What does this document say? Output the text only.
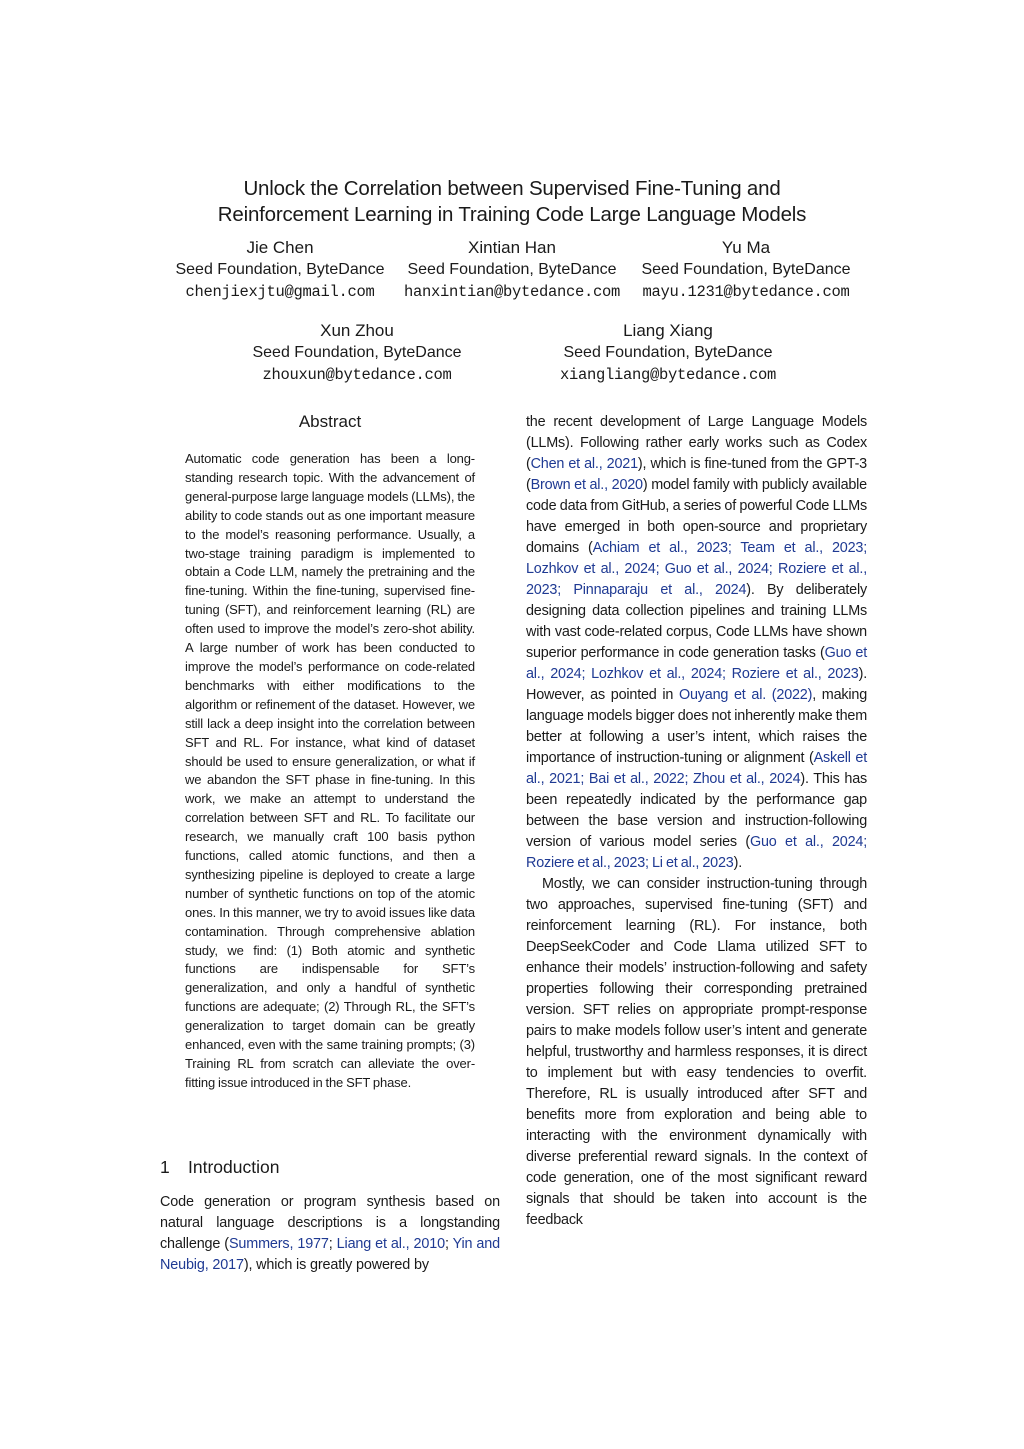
Unlock the Correlation between Supervised Fine-Tuning and
Reinforcement Learning in Training Code Large Language Models
Jie Chen
Seed Foundation, ByteDance
chenjiexjtu@gmail.com
Xintian Han
Seed Foundation, ByteDance
hanxintian@bytedance.com
Yu Ma
Seed Foundation, ByteDance
mayu.1231@bytedance.com
Xun Zhou
Seed Foundation, ByteDance
zhouxun@bytedance.com
Liang Xiang
Seed Foundation, ByteDance
xiangliang@bytedance.com
Abstract
Automatic code generation has been a long-standing research topic. With the advancement of general-purpose large language models (LLMs), the ability to code stands out as one important measure to the model’s reasoning performance. Usually, a two-stage training paradigm is implemented to obtain a Code LLM, namely the pretraining and the fine-tuning. Within the fine-tuning, supervised fine-tuning (SFT), and reinforcement learning (RL) are often used to improve the model’s zero-shot ability. A large number of work has been conducted to improve the model’s performance on code-related benchmarks with either modifications to the algorithm or refinement of the dataset. However, we still lack a deep insight into the correlation between SFT and RL. For instance, what kind of dataset should be used to ensure generalization, or what if we abandon the SFT phase in fine-tuning. In this work, we make an attempt to understand the correlation between SFT and RL. To facilitate our research, we manually craft 100 basis python functions, called atomic functions, and then a synthesizing pipeline is deployed to create a large number of synthetic functions on top of the atomic ones. In this manner, we try to avoid issues like data contamination. Through comprehensive ablation study, we find: (1) Both atomic and synthetic functions are indispensable for SFT’s generalization, and only a handful of synthetic functions are adequate; (2) Through RL, the SFT’s generalization to target domain can be greatly enhanced, even with the same training prompts; (3) Training RL from scratch can alleviate the over-fitting issue introduced in the SFT phase.
1 Introduction

Code generation or program synthesis based on natural language descriptions is a longstanding challenge (Summers, 1977; Liang et al., 2010; Yin and Neubig, 2017), which is greatly powered by

the recent development of Large Language Models (LLMs). Following rather early works such as Codex (Chen et al., 2021), which is fine-tuned from the GPT-3 (Brown et al., 2020) model family with publicly available code data from GitHub, a series of powerful Code LLMs have emerged in both open-source and proprietary domains (Achiam et al., 2023; Team et al., 2023; Lozhkov et al., 2024; Guo et al., 2024; Roziere et al., 2023; Pinnaparaju et al., 2024). By deliberately designing data collection pipelines and training LLMs with vast code-related corpus, Code LLMs have shown superior performance in code generation tasks (Guo et al., 2024; Lozhkov et al., 2024; Roziere et al., 2023). However, as pointed in Ouyang et al. (2022), making language models bigger does not inherently make them better at following a user’s intent, which raises the importance of instruction-tuning or alignment (Askell et al., 2021; Bai et al., 2022; Zhou et al., 2024). This has been repeatedly indicated by the performance gap between the base version and instruction-following version of various model series (Guo et al., 2024; Roziere et al., 2023; Li et al., 2023).

Mostly, we can consider instruction-tuning through two approaches, supervised fine-tuning (SFT) and reinforcement learning (RL). For instance, both DeepSeekCoder and Code Llama utilized SFT to enhance their models’ instruction-following and safety properties following their corresponding pretrained version. SFT relies on appropriate prompt-response pairs to make models follow user’s intent and generate helpful, trustworthy and harmless responses, it is direct to implement but with easy tendencies to overfit. Therefore, RL is usually introduced after SFT and benefits more from exploration and being able to interacting with the environment dynamically with diverse preferential reward signals. In the context of code generation, one of the most significant reward signals that should be taken into account is the feedback
